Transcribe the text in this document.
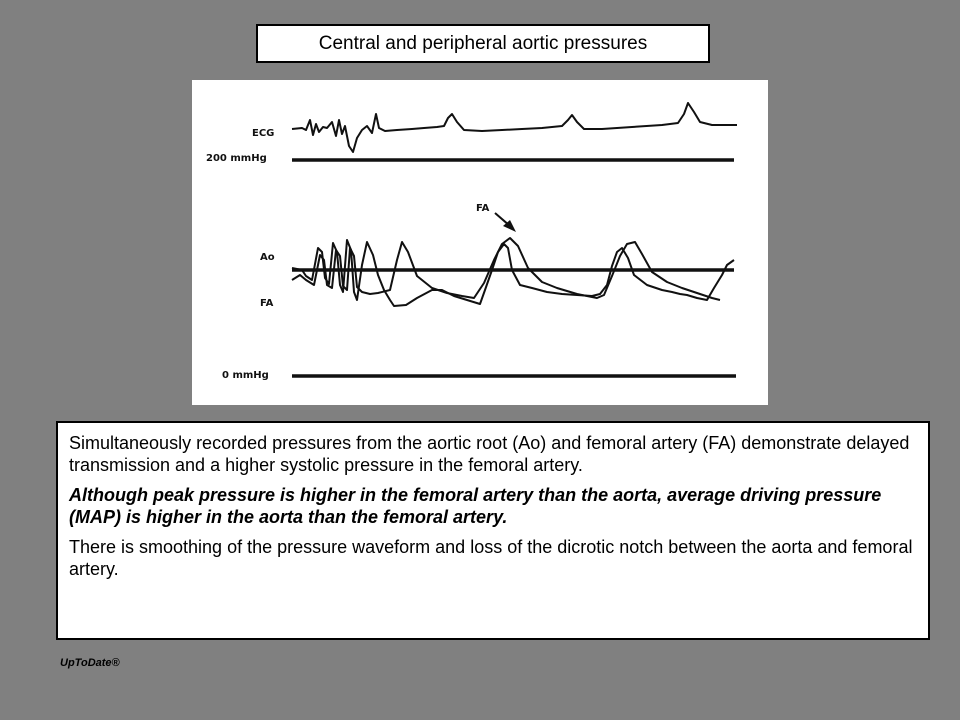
Central and peripheral aortic pressures
ECG
200 mmHg
FA
Ao
FA
0 mmHg

Simultaneously recorded pressures from the aortic root (Ao) and femoral artery (FA) demonstrate delayed transmission and a higher systolic pressure in the femoral artery.

Although peak pressure is higher in the femoral artery than the aorta, average driving pressure (MAP) is higher in the aorta than the femoral artery.

There is smoothing of the pressure waveform and loss of the dicrotic notch between the aorta and femoral artery.

UpToDate®
